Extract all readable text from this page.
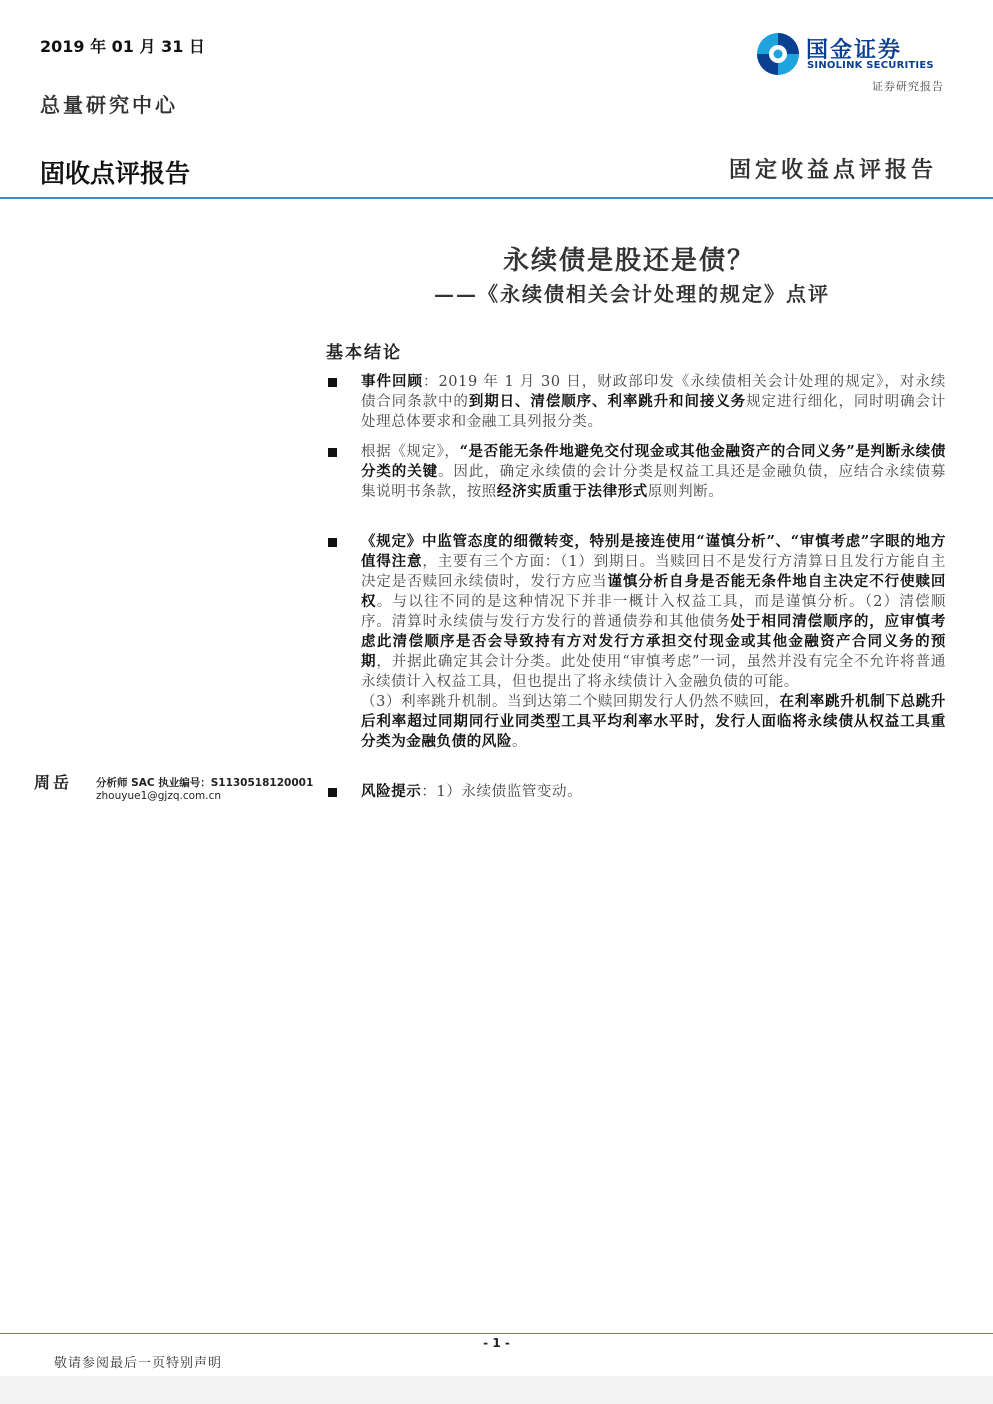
2019 年 01 月 31 日
总量研究中心
固收点评报告	固定收益点评报告
国金证券
SINOLINK SECURITIES
证券研究报告
永续债是股还是债？
——《永续债相关会计处理的规定》点评
基本结论

事件回顾：2019 年 1 月 30 日，财政部印发《永续债相关会计处理的规定》，对永续债合同条款中的到期日、清偿顺序、利率跳升和间接义务规定进行细化，同时明确会计处理总体要求和金融工具列报分类。

根据《规定》，“是否能无条件地避免交付现金或其他金融资产的合同义务”是判断永续债分类的关键。因此，确定永续债的会计分类是权益工具还是金融负债，应结合永续债募集说明书条款，按照经济实质重于法律形式原则判断。

《规定》中监管态度的细微转变，特别是接连使用“谨慎分析”、“审慎考虑”字眼的地方值得注意，主要有三个方面：（1）到期日。当赎回日不是发行方清算日且发行方能自主决定是否赎回永续债时，发行方应当谨慎分析自身是否能无条件地自主决定不行使赎回权。与以往不同的是这种情况下并非一概计入权益工具，而是谨慎分析。（2）清偿顺序。清算时永续债与发行方发行的普通债券和其他债务处于相同清偿顺序的，应审慎考虑此清偿顺序是否会导致持有方对发行方承担交付现金或其他金融资产合同义务的预期，并据此确定其会计分类。此处使用“审慎考虑”一词，虽然并没有完全不允许将普通永续债计入权益工具，但也提出了将永续债计入金融负债的可能。

（3）利率跳升机制。当到达第二个赎回期发行人仍然不赎回，在利率跳升机制下总跳升后利率超过同期同行业同类型工具平均利率水平时，发行人面临将永续债从权益工具重分类为金融负债的风险。

风险提示：1）永续债监管变动。

周岳 分析师 SAC 执业编号：S1130518120001
zhouyue1@gjzq.com.cn
- 1 -
敬请参阅最后一页特别声明
